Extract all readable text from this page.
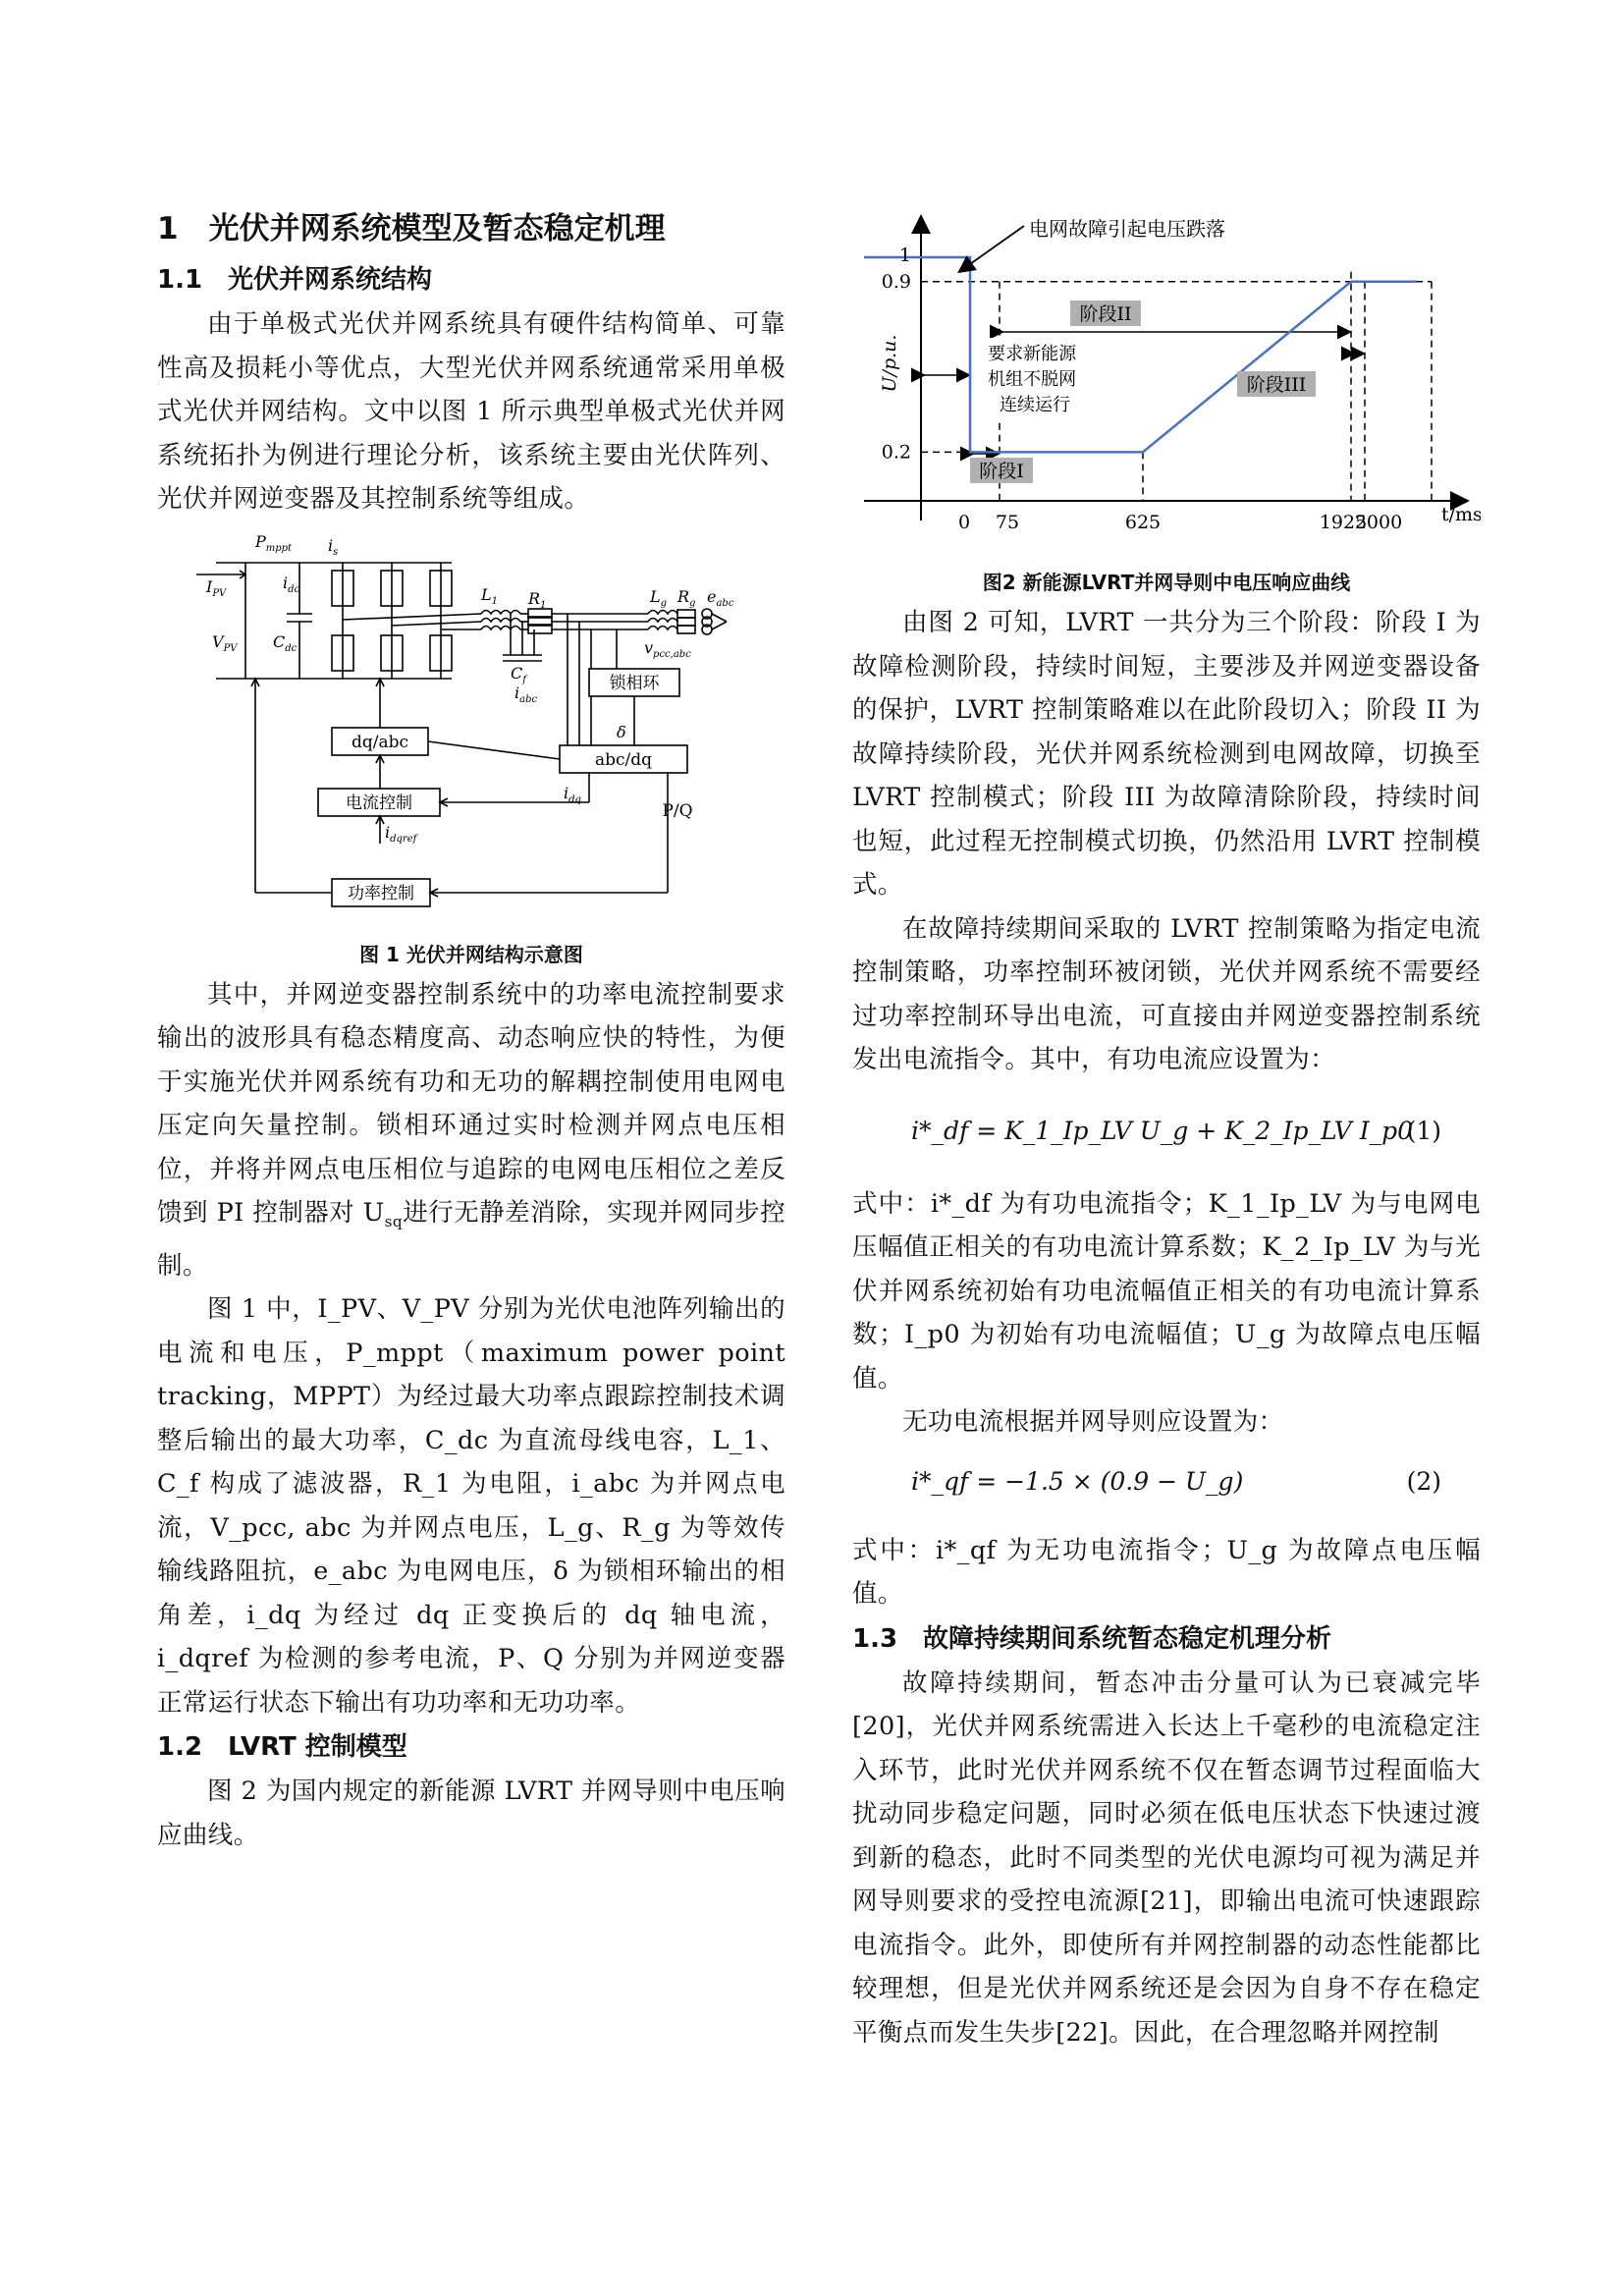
1　光伏并网系统模型及暂态稳定机理
1.1　光伏并网系统结构

由于单极式光伏并网系统具有硬件结构简单、可靠性高及损耗小等优点，大型光伏并网系统通常采用单极式光伏并网结构。文中以图 1 所示典型单极式光伏并网系统拓扑为例进行理论分析，该系统主要由光伏阵列、光伏并网逆变器及其控制系统等组成。

$P_{mppt}$ $i_s$
$i_{dc}$
$I_{PV}$
$V_{PV}$ $C_{dc}$
$L_1$ $R_1$	$L_g$ $R_g$ $e_{abc}$
$v_{pcc,abc}$
$C_f$
$i_{abc}$
δ
$i_{dq}$
$i_{dqref}$
锁相环
abc/dq
dq/abc
电流控制
功率控制
P/Q
图 1 光伏并网结构示意图

其中，并网逆变器控制系统中的功率电流控制要求输出的波形具有稳态精度高、动态响应快的特性，为便于实施光伏并网系统有功和无功的解耦控制使用电网电压定向矢量控制。锁相环通过实时检测并网点电压相位，并将并网点电压相位与追踪的电网电压相位之差反馈到 PI 控制器对 $U_{sq}$进行无静差消除，实现并网同步控制。

图 1 中，I_PV、V_PV 分别为光伏电池阵列输出的电流和电压，P_mppt（maximum power point tracking，MPPT）为经过最大功率点跟踪控制技术调整后输出的最大功率，C_dc 为直流母线电容，L_1、C_f 构成了滤波器，R_1 为电阻，i_abc 为并网点电流，V_pcc, abc 为并网点电压，L_g、R_g 为等效传输线路阻抗，e_abc 为电网电压，δ 为锁相环输出的相角差，i_dq 为经过 dq 正变换后的 dq 轴电流，i_dqref 为检测的参考电流，P、Q 分别为并网逆变器正常运行状态下输出有功功率和无功功率。

1.2　LVRT 控制模型

图 2 为国内规定的新能源 LVRT 并网导则中电压响应曲线。

电网故障引起电压跌落
U/p.u.
t/ms
1
0.9
0.2
0 75	625	1925
2000
阶段I
阶段II
阶段III
要求新能源 机组不脱网 连续运行
图2 新能源LVRT并网导则中电压响应曲线

由图 2 可知，LVRT 一共分为三个阶段：阶段 I 为故障检测阶段，持续时间短，主要涉及并网逆变器设备的保护，LVRT 控制策略难以在此阶段切入；阶段 II 为故障持续阶段，光伏并网系统检测到电网故障，切换至 LVRT 控制模式；阶段 III 为故障清除阶段，持续时间也短，此过程无控制模式切换，仍然沿用 LVRT 控制模式。

在故障持续期间采取的 LVRT 控制策略为指定电流控制策略，功率控制环被闭锁，光伏并网系统不需要经过功率控制环导出电流，可直接由并网逆变器控制系统发出电流指令。其中，有功电流应设置为：

i*_df = K_1_Ip_LV U_g + K_2_Ip_LV I_p0
(1)

式中：i*_df 为有功电流指令；K_1_Ip_LV 为与电网电压幅值正相关的有功电流计算系数；K_2_Ip_LV 为与光伏并网系统初始有功电流幅值正相关的有功电流计算系数；I_p0 为初始有功电流幅值；U_g 为故障点电压幅值。

无功电流根据并网导则应设置为：

i*_qf = −1.5 × (0.9 − U_g)	(2)

式中：i*_qf 为无功电流指令；U_g 为故障点电压幅值。

1.3　故障持续期间系统暂态稳定机理分析

故障持续期间，暂态冲击分量可认为已衰减完毕[20]，光伏并网系统需进入长达上千毫秒的电流稳定注入环节，此时光伏并网系统不仅在暂态调节过程面临大扰动同步稳定问题，同时必须在低电压状态下快速过渡到新的稳态，此时不同类型的光伏电源均可视为满足并网导则要求的受控电流源[21]，即输出电流可快速跟踪电流指令。此外，即使所有并网控制器的动态性能都比较理想，但是光伏并网系统还是会因为自身不存在稳定平衡点而发生失步[22]。因此，在合理忽略并网控制
